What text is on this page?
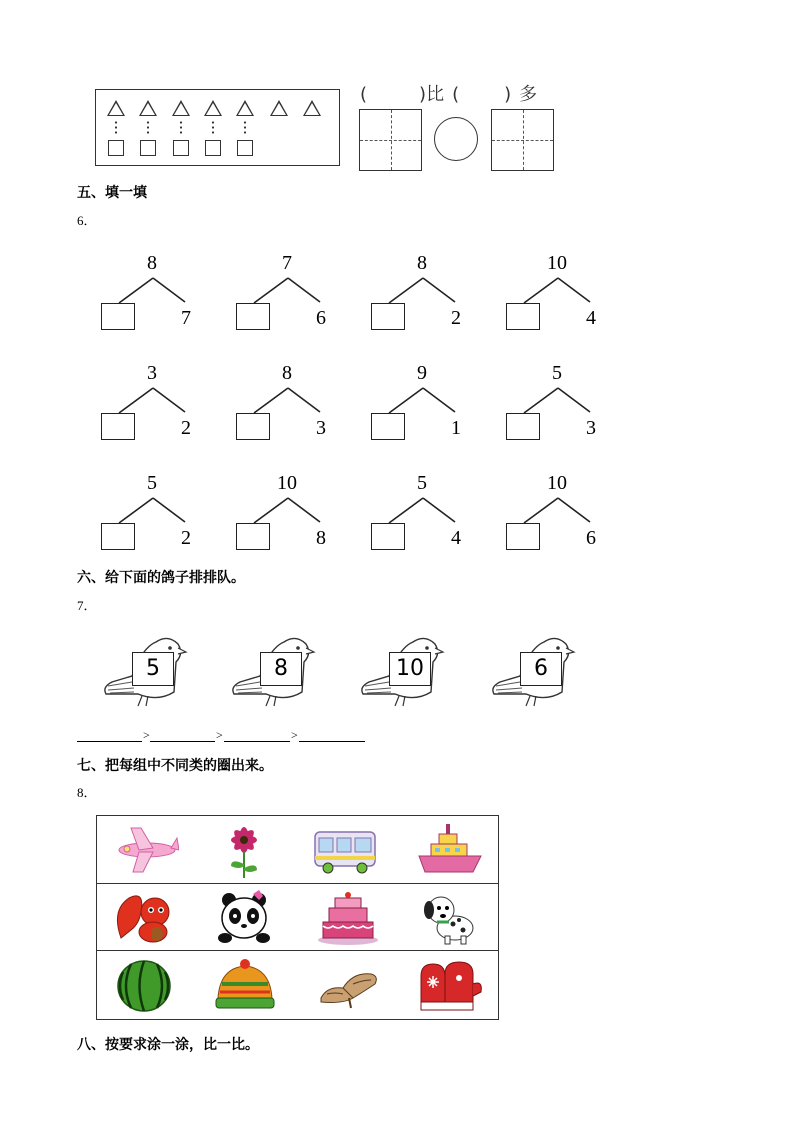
(	)比 (	) 多
五、填一填
6．
8
7
7
6
8
2
10
4
3
2
8
3
9
1
5
3
5
2
10
8
5
4
10
6
六、给下面的鸽子排排队。
7．
5	8	10	6
>	>	>
七、把每组中不同类的圈出来。
8．
八、按要求涂一涂，比一比。
